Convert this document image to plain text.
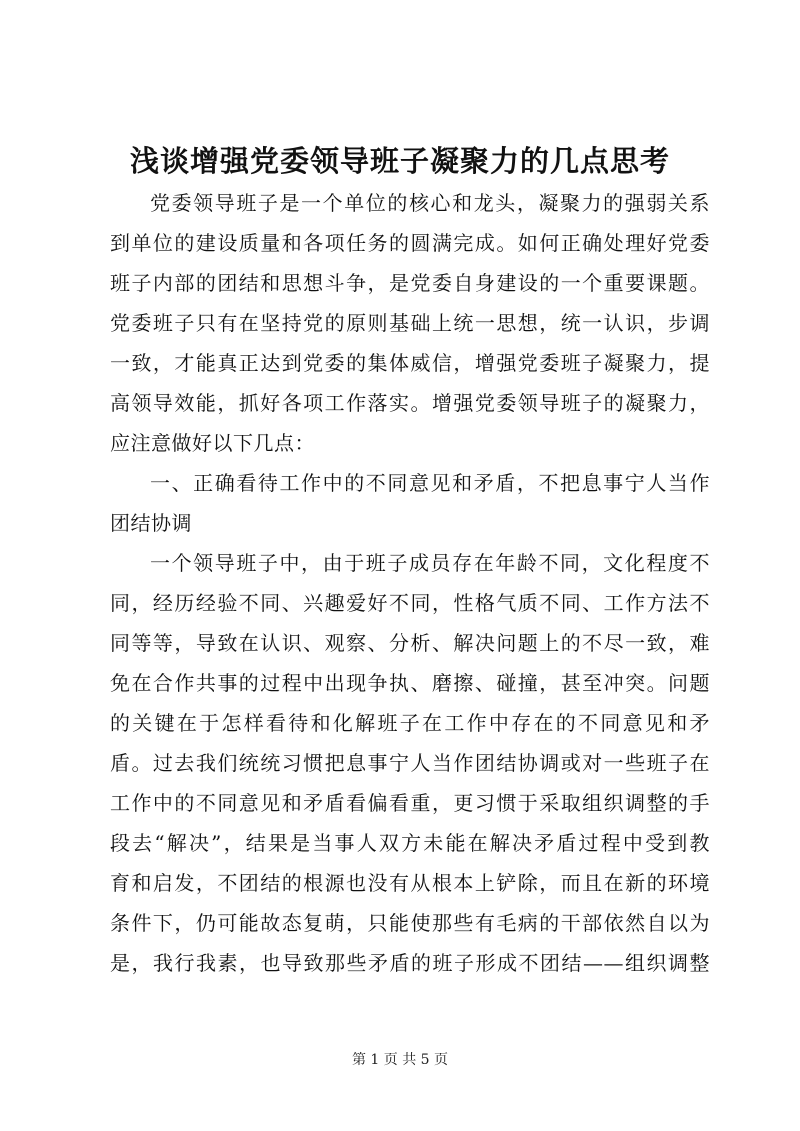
浅谈增强党委领导班子凝聚力的几点思考
党委领导班子是一个单位的核心和龙头，凝聚力的强弱关系
到单位的建设质量和各项任务的圆满完成。如何正确处理好党委
班子内部的团结和思想斗争，是党委自身建设的一个重要课题。
党委班子只有在坚持党的原则基础上统一思想，统一认识，步调
一致，才能真正达到党委的集体威信，增强党委班子凝聚力，提
高领导效能，抓好各项工作落实。增强党委领导班子的凝聚力，
应注意做好以下几点：
一、正确看待工作中的不同意见和矛盾，不把息事宁人当作
团结协调
一个领导班子中，由于班子成员存在年龄不同，文化程度不
同，经历经验不同、兴趣爱好不同，性格气质不同、工作方法不
同等等，导致在认识、观察、分析、解决问题上的不尽一致，难
免在合作共事的过程中出现争执、磨擦、碰撞，甚至冲突。问题
的关键在于怎样看待和化解班子在工作中存在的不同意见和矛
盾。过去我们统统习惯把息事宁人当作团结协调或对一些班子在
工作中的不同意见和矛盾看偏看重，更习惯于采取组织调整的手
段去“解决”，结果是当事人双方未能在解决矛盾过程中受到教
育和启发，不团结的根源也没有从根本上铲除，而且在新的环境
条件下，仍可能故态复萌，只能使那些有毛病的干部依然自以为
是，我行我素，也导致那些矛盾的班子形成不团结——组织调整
第 1 页 共 5 页
